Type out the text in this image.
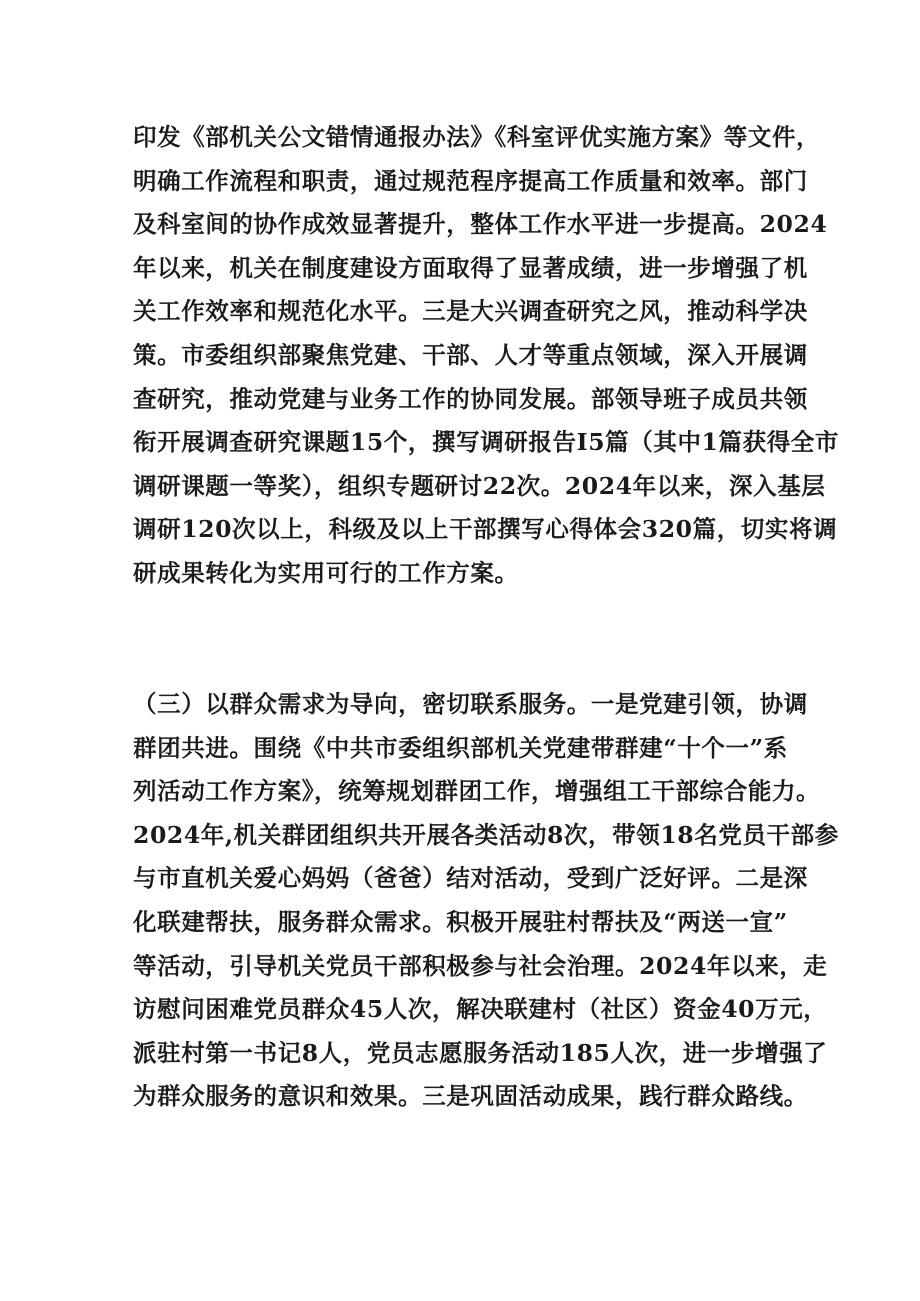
印发《部机关公文错情通报办法》《科室评优实施方案》等文件，
明确工作流程和职责，通过规范程序提高工作质量和效率。部门
及科室间的协作成效显著提升，整体工作水平进一步提高。2024
年以来，机关在制度建设方面取得了显著成绩，进一步增强了机
关工作效率和规范化水平。三是大兴调查研究之风，推动科学决
策。市委组织部聚焦党建、干部、人才等重点领域，深入开展调
查研究，推动党建与业务工作的协同发展。部领导班子成员共领
衔开展调查研究课题15个，撰写调研报告I5篇（其中1篇获得全市
调研课题一等奖），组织专题研讨22次。2024年以来，深入基层
调研120次以上，科级及以上干部撰写心得体会320篇，切实将调
研成果转化为实用可行的工作方案。

（三）以群众需求为导向，密切联系服务。一是党建引领，协调
群团共进。围绕《中共市委组织部机关党建带群建“十个一”系
列活动工作方案》，统筹规划群团工作，增强组工干部综合能力。
2024年,机关群团组织共开展各类活动8次，带领18名党员干部参
与市直机关爱心妈妈（爸爸）结对活动，受到广泛好评。二是深
化联建帮扶，服务群众需求。积极开展驻村帮扶及“两送一宣”
等活动，引导机关党员干部积极参与社会治理。2024年以来，走
访慰问困难党员群众45人次，解决联建村（社区）资金40万元，
派驻村第一书记8人，党员志愿服务活动185人次，进一步增强了
为群众服务的意识和效果。三是巩固活动成果，践行群众路线。
